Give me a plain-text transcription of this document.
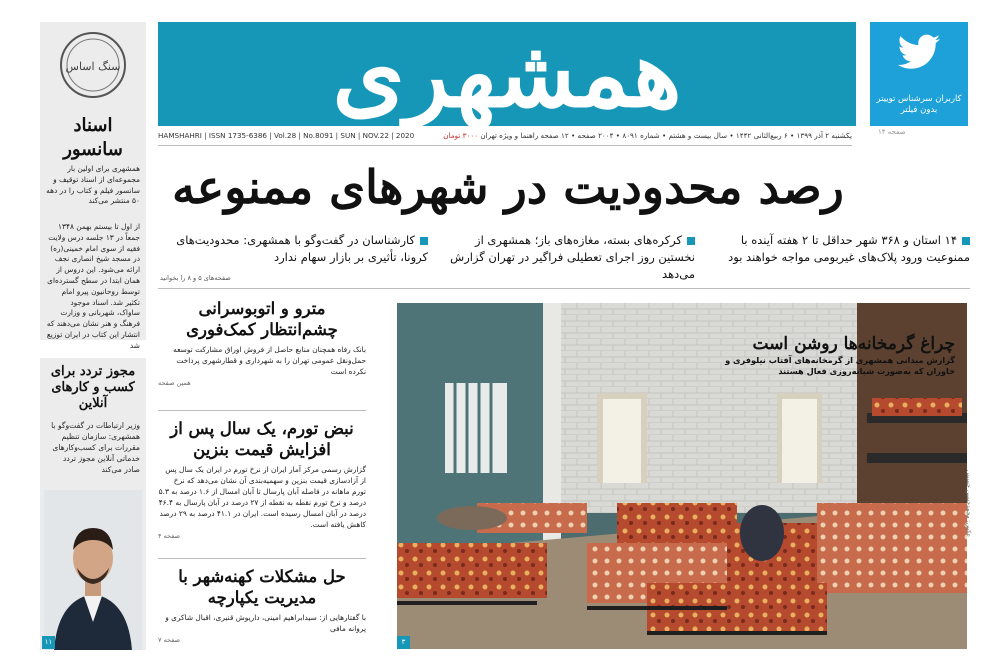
همشهری	کاربران سرشناس توییتر بدون فیلتر
صفحه ۱۴
یکشنبه ۲ آذر ۱۳۹۹ • ۶ ربیع‌الثانی ۱۴۴۲ • سال بیست و هشتم • شماره ۸۰۹۱ • ۲۰۰۴ صفحه • ۱۲ صفحه راهنما و ویژه تهران ۳۰۰۰ تومان
HAMSHAHRI | ISSN 1735-6386 | Vol.28 | No.8091 | SUN | NOV.22 | 2020
رصد محدودیت در شهرهای ممنوعه
۱۴ استان و ۳۶۸ شهر حداقل تا ۲ هفته آینده با ممنوعیت ورود پلاک‌های غیربومی مواجه خواهند بود
کرکره‌های بسته، مغازه‌های باز؛ همشهری از نخستین روز اجرای تعطیلی فراگیر در تهران گزارش می‌دهد
کارشناسان در گفت‌وگو با همشهری: محدودیت‌های کرونا، تأثیری بر بازار سهام ندارد
صفحه‌های ۵ و ۸ را بخوانید
مترو و اتوبوسرانی چشم‌انتظار کمک‌فوری
بانک رفاه همچنان منابع حاصل از فروش اوراق مشارکت توسعه حمل‌ونقل عمومی تهران را به شهرداری و قطارشهری پرداخت نکرده است
همین صفحه
نبض تورم، یک سال پس از افزایش قیمت بنزین
گزارش رسمی مرکز آمار ایران از نرخ تورم در ایران یک سال پس از آزادسازی قیمت بنزین و سهمیه‌بندی آن نشان می‌دهد که نرخ تورم ماهانه در فاصله آبان پارسال تا آبان امسال از ۱.۶ درصد به ۵.۳ درصد و نرخ تورم نقطه به نقطه از ۲۷ درصد در آبان پارسال به ۴۶.۴ درصد در آبان امسال رسیده است. ایران در ۴۱.۱ درصد به ۲۹ درصد کاهش یافته است.
صفحه ۴
حل مشکلات کهنه‌شهر با مدیریت یکپارچه
با گفتارهایی از: سیدابراهیم امینی، داریوش قنبری، اقبال شاکری و پروانه مافی
صفحه ۷
چراغ گرمخانه‌ها روشن است
گزارش میدانی همشهری از گرمخانه‌های آفتاب نیلوفری و خاوران که به‌صورت شبانه‌روزی فعال هستند
۳
عکس: محمدحسین حسینی
سنگ اساس
اسناد سانسور
همشهری برای اولین بار مجموعه‌ای از اسناد توقیف و سانسور فیلم و کتاب را در دهه ۵۰ منتشر می‌کند
از اول تا بیستم بهمن ۱۳۴۸ جمعاً در ۱۳ جلسه درس ولایت فقیه از سوی امام خمینی(ره) در مسجد شیخ انصاری نجف ارائه می‌شود. این دروس از همان ابتدا در سطح گسترده‌ای توسط روحانیون پیرو امام تکثیر شد. اسناد موجود ساواک، شهربانی و وزارت فرهنگ و هنر نشان می‌دهند که انتشار این کتاب در ایران توزیع شد
مجوز تردد برای کسب و کارهای آنلاین
وزیر ارتباطات در گفت‌وگو با همشهری: سازمان تنظیم مقررات برای کسب‌وکارهای خدماتی آنلاین مجوز تردد صادر می‌کند
۱۱
